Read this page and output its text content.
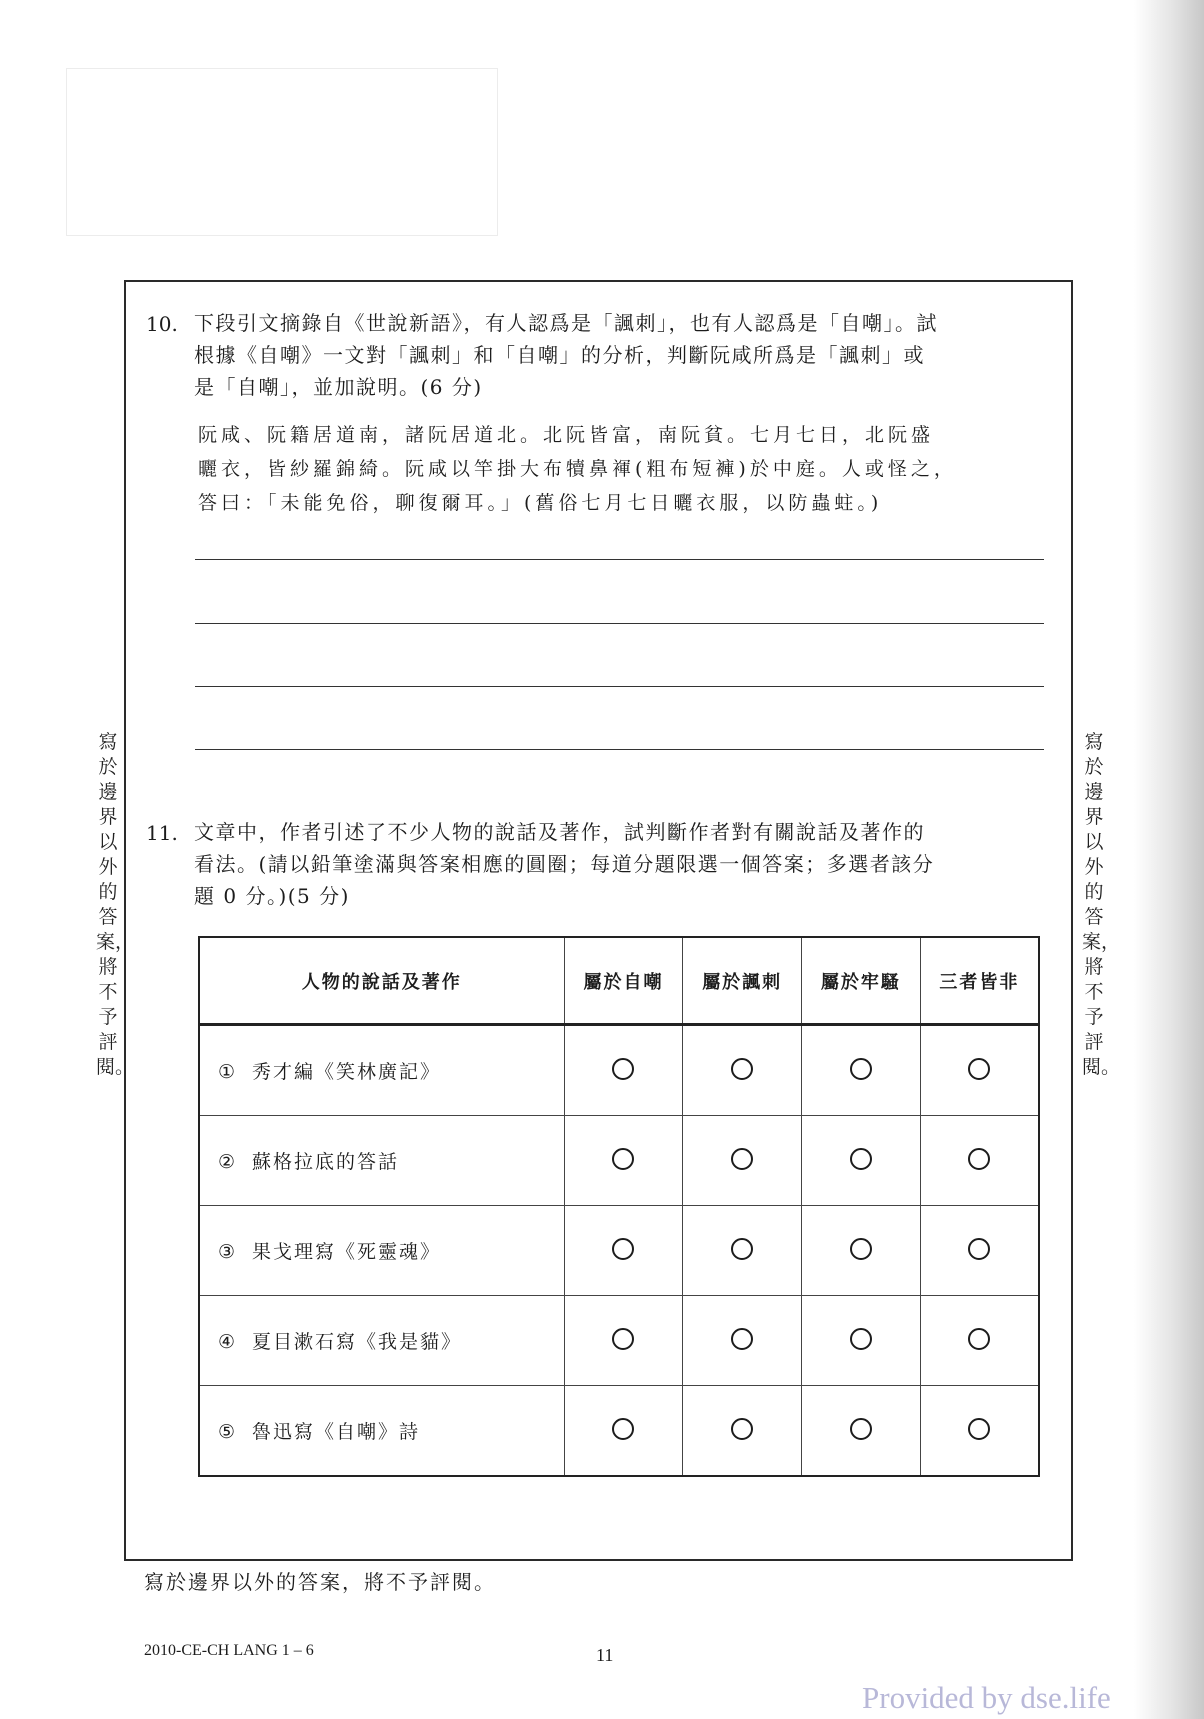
寫於邊界以外的答案，將不予評閱。
寫於邊界以外的答案，將不予評閱。
10. 下段引文摘錄自《世說新語》，有人認爲是「諷刺」，也有人認爲是「自嘲」。試
根據《自嘲》一文對「諷刺」和「自嘲」的分析，判斷阮咸所爲是「諷刺」或
是「自嘲」，並加說明。(6 分)
阮咸、阮籍居道南，諸阮居道北。北阮皆富，南阮貧。七月七日，北阮盛
曬衣，皆紗羅錦綺。阮咸以竿掛大布犢鼻褌(粗布短褲)於中庭。人或怪之，
答曰：「未能免俗，聊復爾耳。」(舊俗七月七日曬衣服，以防蟲蛀。)
11. 文章中，作者引述了不少人物的說話及著作，試判斷作者對有關說話及著作的
看法。(請以鉛筆塗滿與答案相應的圓圈；每道分題限選一個答案；多選者該分
題 0 分。)(5 分)
人物的說話及著作	屬於自嘲	屬於諷刺	屬於牢騷	三者皆非
① 秀才編《笑林廣記》				
② 蘇格拉底的答話				
③ 果戈理寫《死靈魂》				
④ 夏目漱石寫《我是貓》				
⑤ 魯迅寫《自嘲》詩				
寫於邊界以外的答案，將不予評閱。
2010-CE-CH LANG 1 – 6	11
Provided by dse.life
